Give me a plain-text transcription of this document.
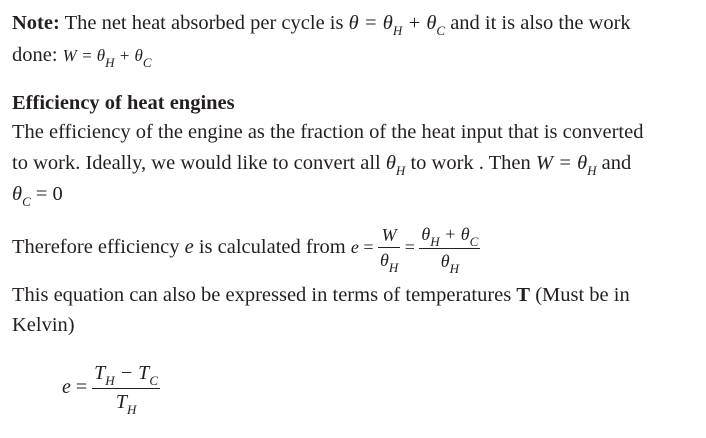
Note: The net heat absorbed per cycle is $\theta = \theta_H + \theta_C$ and it is also the work
done: $W = \theta_H + \theta_C$
Efficiency of heat engines
The efficiency of the engine as the fraction of the heat input that is converted
to work. Ideally, we would like to convert all $\theta_H$ to work . Then $W = \theta_H$ and
$\theta_C = 0$
Therefore efficiency e is calculated from $e = \frac{W}{\theta_H} = \frac{\theta_H + \theta_C}{\theta_H}$
This equation can also be expressed in terms of temperatures T (Must be in
Kelvin)
$e = \frac{T_H - T_C}{T_H}$
